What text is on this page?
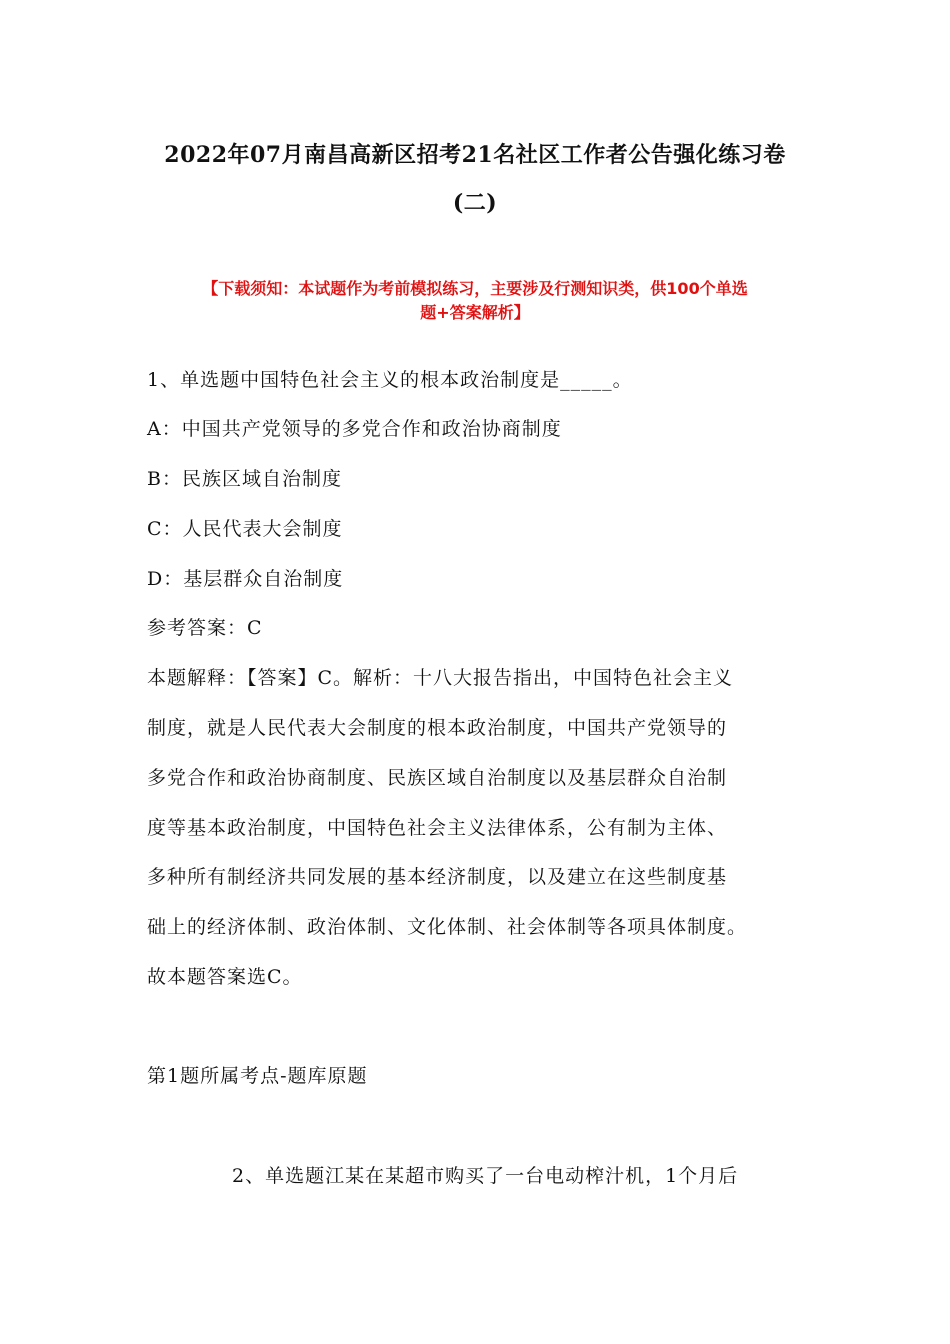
2022年07月南昌高新区招考21名社区工作者公告强化练习卷
(二)
【下载须知：本试题作为考前模拟练习，主要涉及行测知识类，供100个单选
题+答案解析】
1、单选题中国特色社会主义的根本政治制度是_____。
A：中国共产党领导的多党合作和政治协商制度
B：民族区域自治制度
C：人民代表大会制度
D：基层群众自治制度
参考答案：C
本题解释：【答案】C。解析：十八大报告指出，中国特色社会主义
制度，就是人民代表大会制度的根本政治制度，中国共产党领导的
多党合作和政治协商制度、民族区域自治制度以及基层群众自治制
度等基本政治制度，中国特色社会主义法律体系，公有制为主体、
多种所有制经济共同发展的基本经济制度，以及建立在这些制度基
础上的经济体制、政治体制、文化体制、社会体制等各项具体制度。
故本题答案选C。
第1题所属考点-题库原题
2、单选题江某在某超市购买了一台电动榨汁机，1个月后
